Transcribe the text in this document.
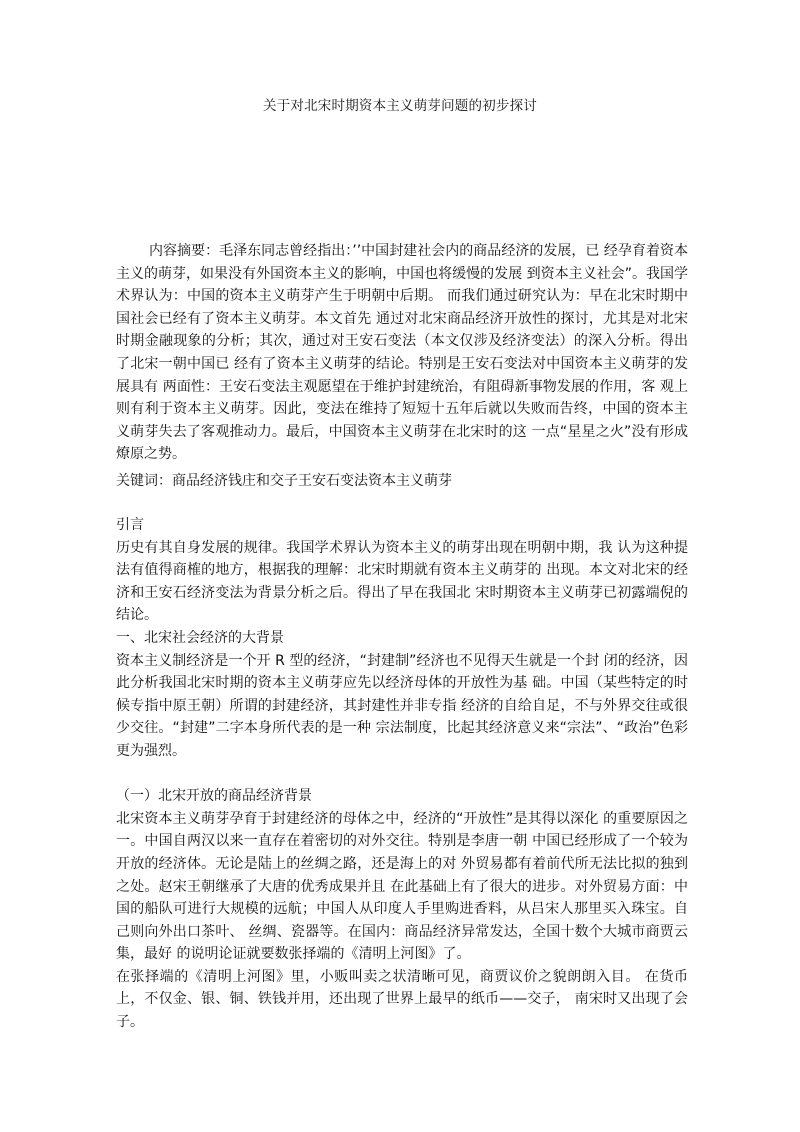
关于对北宋时期资本主义萌芽问题的初步探讨

内容摘要：毛泽东同志曾经指出：’’中国封建社会内的商品经济的发展，已 经孕育着资本主义的萌芽，如果没有外国资本主义的影响，中国也将缓慢的发展 到资本主义社会”。我国学术界认为：中国的资本主义萌芽产生于明朝中后期。 而我们通过研究认为：早在北宋时期中国社会已经有了资本主义萌芽。本文首先 通过对北宋商品经济开放性的探讨，尤其是对北宋时期金融现象的分析；其次，通过对王安石变法（本文仅涉及经济变法）的深入分析。得出了北宋一朝中国已 经有了资本主义萌芽的结论。特别是王安石变法对中国资本主义萌芽的发展具有 两面性：王安石变法主观愿望在于维护封建统治，有阻碍新事物发展的作用，客 观上则有利于资本主义萌芽。因此，变法在维持了短短十五年后就以失败而告终，中国的资本主义萌芽失去了客观推动力。最后，中国资本主义萌芽在北宋时的这 一点“星星之火”没有形成燎原之势。

关键词：商品经济钱庄和交子王安石变法资本主义萌芽

引言

历史有其自身发展的规律。我国学术界认为资本主义的萌芽出现在明朝中期，我 认为这种提法有值得商榷的地方，根据我的理解：北宋时期就有资本主义萌芽的 出现。本文对北宋的经济和王安石经济变法为背景分析之后。得出了早在我国北 宋时期资本主义萌芽已初露端倪的结论。

一、北宋社会经济的大背景

资本主义制经济是一个开 R 型的经济，“封建制”经济也不见得天生就是一个封 闭的经济，因此分析我国北宋时期的资本主义萌芽应先以经济母体的开放性为基 础。中国（某些特定的时候专指中原王朝）所谓的封建经济，其封建性并非专指 经济的自给自足，不与外界交往或很少交往。“封建”二字本身所代表的是一种 宗法制度，比起其经济意义来“宗法”、“政治”色彩更为强烈。

（一）北宋开放的商品经济背景

北宋资本主义萌芽孕育于封建经济的母体之中，经济的“开放性”是其得以深化 的重要原因之一。中国自两汉以来一直存在着密切的对外交往。特别是李唐一朝 中国已经形成了一个较为开放的经济体。无论是陆上的丝绸之路，还是海上的对 外贸易都有着前代所无法比拟的独到之处。赵宋王朝继承了大唐的优秀成果并且 在此基础上有了很大的进步。对外贸易方面：中国的船队可进行大规模的远航；中国人从印度人手里购进香料，从吕宋人那里买入珠宝。自己则向外出口茶叶、 丝绸、瓷器等。在国内：商品经济异常发达，全国十数个大城市商贾云集，最好 的说明论证就要数张择端的《清明上河图》了。

在张择端的《清明上河图》里，小贩叫卖之状清晰可见，商贾议价之貌朗朗入目。 在货币上，不仅金、银、铜、铁钱并用，还出现了世界上最早的纸币——交子， 南宋时又出现了会子。
